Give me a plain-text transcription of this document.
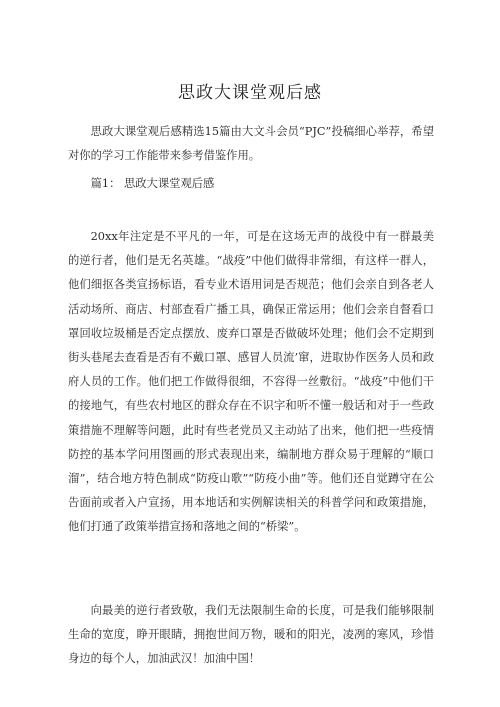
思政大课堂观后感

思政大课堂观后感精选15篇由大文斗会员“PJC”投稿细心举荐，希望对你的学习工作能带来参考借鉴作用。

篇1： 思政大课堂观后感

20xx年注定是不平凡的一年，可是在这场无声的战役中有一群最美的逆行者，他们是无名英雄。“战疫”中他们做得非常细，有这样一群人，他们细抠各类宣扬标语，看专业术语用词是否规范；他们会亲自到各老人活动场所、商店、村部查看广播工具，确保正常运用；他们会亲自督看口罩回收垃圾桶是否定点摆放、废弃口罩是否做破坏处理；他们会不定期到街头巷尾去查看是否有不戴口罩、感冒人员流’窜，进取协作医务人员和政府人员的工作。他们把工作做得很细，不容得一丝敷衍。“战疫”中他们干的接地气，有些农村地区的群众存在不识字和听不懂一般话和对于一些政策措施不理解等问题，此时有些老党员又主动站了出来，他们把一些疫情防控的基本学问用图画的形式表现出来，编制地方群众易于理解的“顺口溜”，结合地方特色制成“防疫山歌”“防疫小曲”等。他们还自觉蹲守在公告面前或者入户宣扬，用本地话和实例解读相关的科普学问和政策措施，他们打通了政策举措宣扬和落地之间的“桥梁”。

向最美的逆行者致敬，我们无法限制生命的长度，可是我们能够限制生命的宽度，睁开眼睛，拥抱世间万物，暖和的阳光，凌冽的寒风，珍惜身边的每个人，加油武汉！加油中国！
